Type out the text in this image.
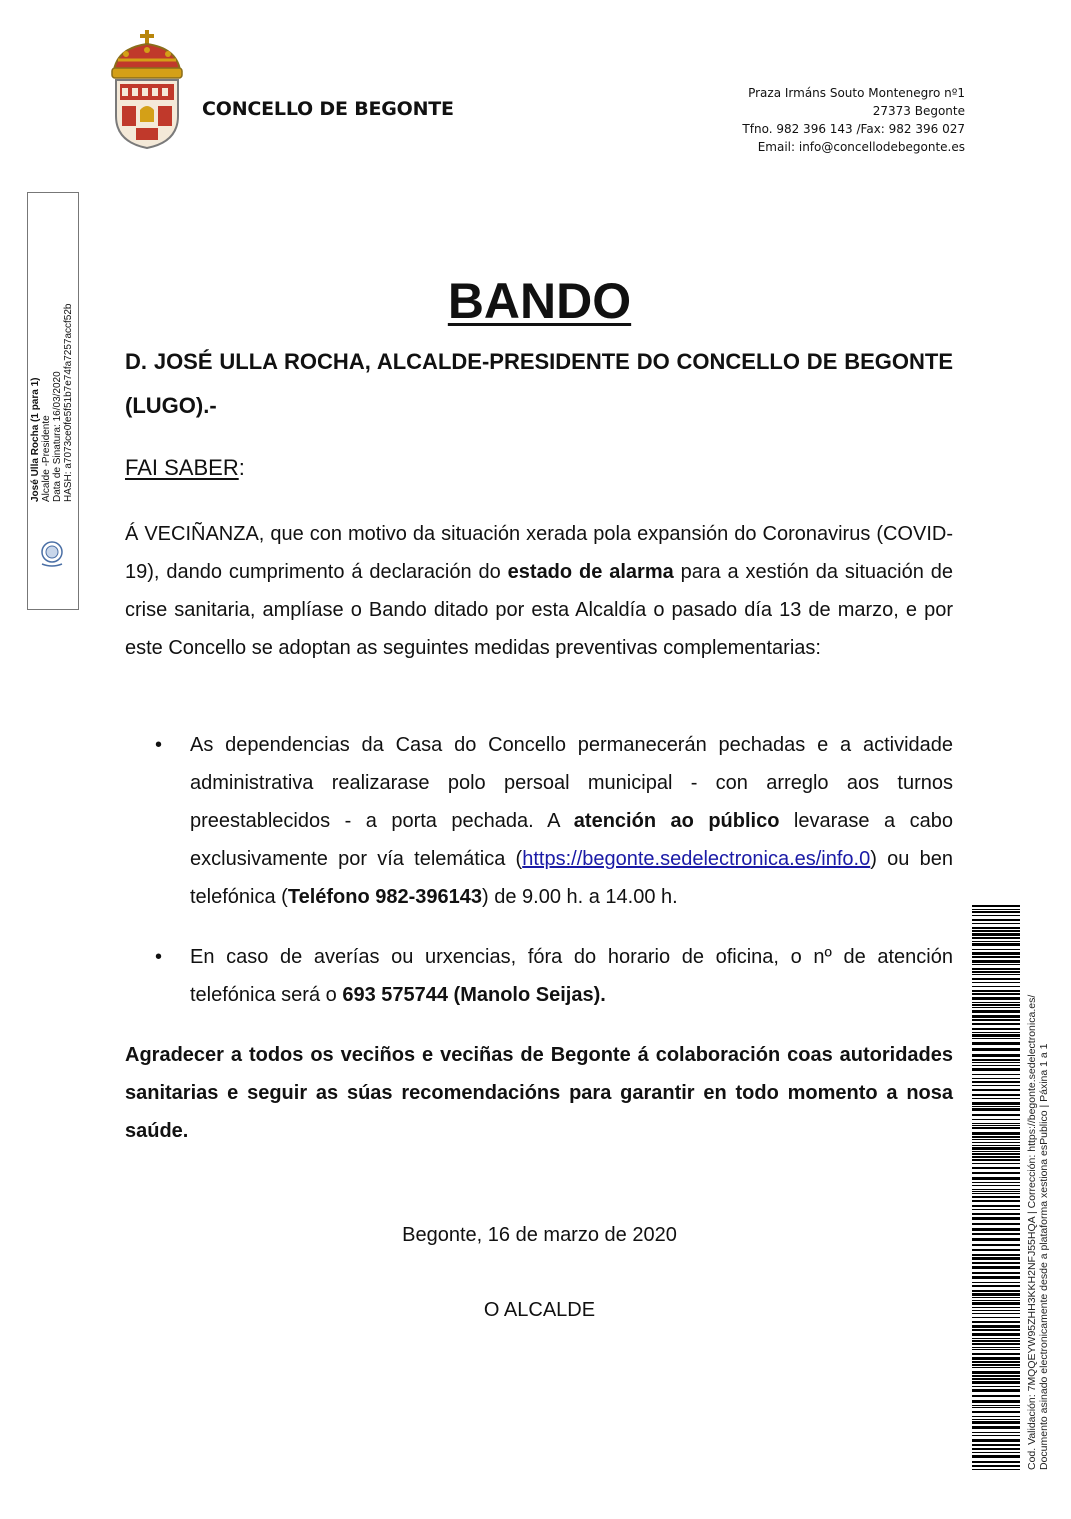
CONCELLO DE BEGONTE
Praza Irmáns Souto Montenegro nº1
27373 Begonte
Tfno. 982 396 143 /Fax: 982 396 027
Email: info@concellodebegonte.es
José Ulla Rocha (1 para 1) Alcalde -Presidente Data de Sinatura: 16/03/2020 HASH: a7073ce0fe5f51b7e74fa7257accf52b
BANDO
D. JOSÉ ULLA ROCHA, ALCALDE-PRESIDENTE DO CONCELLO DE BEGONTE (LUGO).-
FAI SABER:
Á VECIÑANZA, que con motivo da situación xerada pola expansión do Coronavirus (COVID-19), dando cumprimento á declaración do estado de alarma para a xestión da situación de crise sanitaria, amplíase o Bando ditado por esta Alcaldía o pasado día 13 de marzo, e por este Concello se adoptan as seguintes medidas preventivas complementarias:
• As dependencias da Casa do Concello permanecerán pechadas e a actividade administrativa realizarase polo persoal municipal - con arreglo aos turnos preestablecidos - a porta pechada. A atención ao público levarase a cabo exclusivamente por vía telemática (https://begonte.sedelectronica.es/info.0) ou ben telefónica (Teléfono 982-396143) de 9.00 h. a 14.00 h.
• En caso de averías ou urxencias, fóra do horario de oficina, o nº de atención telefónica será o 693 575744 (Manolo Seijas).
Agradecer a todos os veciños e veciñas de Begonte á colaboración coas autoridades sanitarias e seguir as súas recomendacións para garantir en todo momento a nosa saúde.
Begonte, 16 de marzo de 2020
O ALCALDE	Cod. Validación: 7MQQEYW95ZHH3KKH2NFJ55HQA | Corrección: https://begonte.sedelectronica.es/ Documento asinado electronicamente desde a plataforma xestiona esPublico | Páxina 1 a 1
